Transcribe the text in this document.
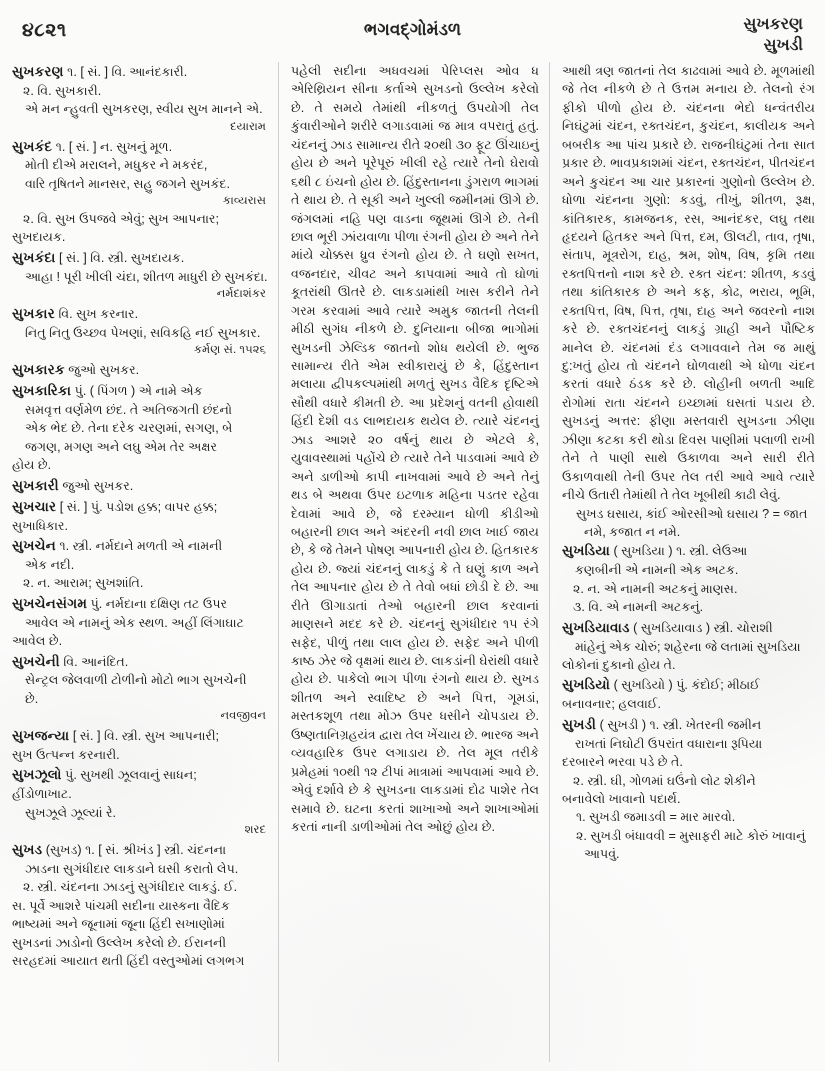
૪૮૨૧	ભગવદ્ગોમંડળ	સુખકરણ
સુખડી
સુખકરણ ૧. [ સં. ] વિ. આનંદકારી.
૨. વિ. સુખકારી.
એ મન ન્હુવતી સુખકરણ, સ્વીય સુખ માનને એ.
દયારામ
સુખકંદ ૧. [ સં. ] ન. સુખનું મૂળ.
મોતી દીએ મરાલને, મધુકર ને મકરંદ,
વારિ તૃષિતને માનસર, સહુ જગને સુખકંદ.
કાવ્યરાસ
૨. વિ. સુખ ઉપજવે એવું; સુખ આપનાર;
સુખદાયક.
સુખકંદા [ સં. ] વિ. સ્ત્રી. સુખદાયક.
આહા ! પૂરી ખીલી ચંદા, શીતળ માધુરી છે સુખકંદા.
નર્મદાશંકર
સુખકાર વિ. સુખ કરનાર.
નિતુ નિતુ ઉચ્છવ પેખણાં, સવિકહિ નઈ સુખકાર.
કર્મણ સં. ૧૫૨૬
સુખકારક જુઓ સુખકર.
સુખકારિકા પું. ( પિંગળ ) એ નામે એક
સમવૃત્ત વર્ણમેળ છંદ. તે અતિજગતી છંદનો
એક ભેદ છે. તેના દરેક ચરણમાં, સગણ, બે
જગણ, મગણ અને લઘુ એમ તેર અક્ષર
હોય છે.
સુખકારી જુઓ સુખકર.
સુખચાર [ સં. ] પું. પડોશ હક્ક; વાપર હક્ક;
સુખાધિકાર.
સુખચેન ૧. સ્ત્રી. નર્મદાને મળતી એ નામની
એક નદી.
૨. ન. આરામ; સુખશાંતિ.
સુખચેનસંગમ પું. નર્મદાના દક્ષિણ તટ ઉપર
આવેલ એ નામનું એક સ્થળ. અહીં લિંગાઘાટ
આવેલ છે.
સુખચેની વિ. આનંદિત.
સેન્ટ્રલ જેલવાળી ટોળીનો મોટો ભાગ સુખચેની
છે.
નવજીવન
સુખજન્યા [ સં. ] વિ. સ્ત્રી. સુખ આપનારી;
સુખ ઉત્પન્ન કરનારી.
સુખઝૂલો પું. સુખથી ઝૂલવાનું સાધન;
હીંડોળાખાટ.
સુખઝૂલે ઝૂલ્યાં રે.
શરદ
સુખડ (સુખડ) ૧. [ સં. શ્રીખંડ ] સ્ત્રી. ચંદનના
ઝાડના સુગંધીદાર લાકડાને ઘસી કરાતો લેપ.
૨. સ્ત્રી. ચંદનના ઝાડનું સુગંધીદાર લાકડું. ઈ.
સ. પૂર્વે આશરે પાંચમી સદીના યાસ્કના વૈદિક
ભાષ્યમાં અને જૂનામાં જૂના હિંદી સખાણોમાં
સુખડનાં ઝાડોનો ઉલ્લેખ કરેલો છે. ઈરાનની
સરહદમાં આયાત થતી હિંદી વસ્તુઓમાં લગભગ
પહેલી સદીના અધવચમાં પેરિપ્લસ ઓવ ધ એરિથ્રિયન સીના કર્તાએ સુખડનો ઉલ્લેખ કરેલો છે. તે સમયે તેમાંથી નીકળતું ઉપયોગી તેલ કુંવારીઓને શરીરે લગાડવામાં જ માત્ર વપરાતું હતું. ચંદનનું ઝાડ સામાન્ય રીતે ૨૦થી ૩૦ ફૂટ ઊંચાઇનું હોય છે અને પૂરેપૂરું ખીલી રહે ત્યારે તેનો ઘેરાવો ૬થી ૮ ઇંચનો હોય છે. હિંદુસ્તાનના ડુંગરાળ ભાગમાં તે થાય છે. તે સૂકી અને ખુલ્લી જમીનમાં ઊગે છે. જંગલમાં નહિ પણ વાડના જૂથમાં ઊગે છે. તેની છાલ ભૂરી ઝાંયવાળા પીળા રંગની હોય છે અને તેને માંયે ચોક્કસ ધ્રુવ રંગનો હોય છે. તે ઘણો સખત, વજનદાર, ચીવટ અને કાપવામાં આવે તો ઘોળાં કૂતરાંથી ઊતરે છે. લાકડામાંથી ખાસ કરીને તેને ગરમ કરવામાં આવે ત્યારે અમુક જાતની તેલની મીઠી સુગંધ નીકળે છે. દુનિયાના બીજા ભાગોમાં સુખડની ઝેલ્ડિક જાતનો શોધ થયેલી છે. ભુજ સામાન્ય રીતે એમ સ્વીકારાયું છે કે, હિંદુસ્તાન મલાયા દ્વીપકલ્પમાંથી મળતું સુખડ વૈદિક દૃષ્ટિએ સૌથી વધારે કીમતી છે. આ પ્રદેશનું વતની હોવાથી હિંદી દેશી વડ લાભદાયક થયેલ છે. ત્યારે ચંદનનું ઝાડ આશરે ૨૦ વર્ષનું થાય છે એટલે કે, યુવાવસ્થામાં પહોંચે છે ત્યારે તેને પાડવામાં આવે છે અને ડાળીઓ કાપી નાખવામાં આવે છે અને તેનું થડ બે અથવા ઉપર ઇટળાક મહિના પડતર રહેવા દેવામાં આવે છે, જે દરમ્યાન ધોળી કીડીઓ બહારની છાલ અને અંદરની નવી છાલ ખાઈ જાય છે, કે જે તેમને પોષણ આપનારી હોય છે. હિતકારક હોય છે. જ્યાં ચંદનનું લાકડું કે તે ઘણું કાળ અને તેલ આપનાર હોય છે તે તેવો બધાં છોડી દે છે. આ રીતે ઊગાડાતાં તેઓ બહારની છાલ કરવાનાં માણસને મદદ કરે છે. ચંદનનું સુગંધીદાર ૧૫ રંગે સફેદ, પીળું તથા લાલ હોય છે. સફેદ અને પીળી કાષ્ઠ ઝેર જે વૃક્ષમાં થાય છે. લાકડાંની ઘેરાંથી વધારે હોય છે. પાકેલો ભાગ પીળા રંગનો થાય છે. સુખડ શીતળ અને સ્વાદિષ્ટ છે અને પિત્ત, ગૂમડાં, મસ્તકશૂળ તથા મોઝ ઉપર ધસીને ચોપડાય છે. ઉષ્ણતાનિગ્રહયંત્ર દ્વારા તેલ ખેંચાય છે. ભારજ અને વ્યવહારિક ઉપર લગાડાય છે. તેલ મૂલ તરીકે પ્રમેહમાં ૧૦થી ૧૨ ટીપાં માત્રામાં આપવામાં આવે છે. એવું દર્શાવે છે કે સુખડના લાકડામાં દોઢ પાશેર તેલ સમાવે છે. ઘટના કરતાં શાખાઓ અને શાખાઓમાં કરતાં નાની ડાળીઓમાં તેલ ઓછું હોય છે.
આથી ત્રણ જાતનાં તેલ કાઢવામાં આવે છે. મૂળમાંથી જે તેલ નીકળે છે તે ઉત્તમ મનાય છે. તેલનો રંગ ફીકો પીળો હોય છે. ચંદનના ભેદો ધન્વંતરીય નિઘંટુમાં ચંદન, રક્તચંદન, કુચંદન, કાલીયક અને બબરીક આ પાંચ પ્રકારે છે. રાજનીઘંટુમાં તેના સાત પ્રકાર છે. ભાવપ્રકાશમાં ચંદન, રક્તચંદન, પીતચંદન અને કુચંદન આ ચાર પ્રકારનાં ગુણોનો ઉલ્લેખ છે. ધોળા ચંદનના ગુણો: કડવું, તીખું, શીતળ, રૂક્ષ, કાંતિકારક, કામજનક, રસ, આનંદકર, લઘુ તથા હૃદયને હિતકર અને પિત્ત, દમ, ઊલટી, તાવ, તૃષા, સંતાપ, મૂત્રરોગ, દાહ, શ્રમ, શોષ, વિષ, કૃમિ તથા રક્તપિત્તનો નાશ કરે છે. રક્ત ચંદન: શીતળ, કડવું તથા કાંતિકારક છે અને કફ, કોઢ, ભરાય, ભૂમિ, રક્તપિત્ત, વિષ, પિત્ત, તૃષા, દાહ અને જવરનો નાશ કરે છે. રક્તચંદનનું લાકડું ગ્રાહી અને પૌષ્ટિક માનેલ છે. ચંદનમાં દંડ લગાવવાને તેમ જ માથું દુ:ખતું હોય તો ચંદનને ઘોળવાથી એ ધોળા ચંદન કરતાં વધારે ઠંડક કરે છે. લોહીની બળતી આદિ રોગોમાં રાતા ચંદનને ઇચ્છામાં ઘસતાં પડાય છે. સુખડનું અત્તર: ફીણા મસ્તવારી સુખડના ઝીણા ઝીણા કટકા કરી થોડા દિવસ પાણીમાં પલાળી રાખી તેને તે પાણી સાથે ઉકાળવા અને સારી રીતે ઉકાળવાથી તેની ઉપર તેલ તરી આવે આવે ત્યારે નીચે ઉતારી તેમાંથી તે તેલ ખૂબીથી કાઢી લેવું.
સુખડ ઘસાય, કાંઈ ઓરસીઓ ઘસાય ? = જાત નમે, કજાત ન નમે.
સુખડિયા ( સુખડિયા ) ૧. સ્ત્રી. લેઉઆ
કણબીની એ નામની એક અટક.
૨. ન. એ નામની અટકનું માણસ.
૩. વિ. એ નામની અટકનું.
સુખડિયાવાડ ( સુખડિયાવાડ ) સ્ત્રી. ચોરાશી
માંહેનું એક ચોરું; શહેરના જે લતામાં સુખડિયા
લોકોનાં દુકાનો હોય તે.
સુખડિયો ( સુખડિયો ) પું. કંદોઈ; મીઠાઈ
બનાવનાર; હલવાઈ.
સુખડી ( સુખડી ) ૧. સ્ત્રી. ખેતરની જમીન
રાખતાં નિઘોટી ઉપરાંત વધારાના રૂપિયા
દરબારને ભરવા પડે છે તે.
૨. સ્ત્રી. ઘી, ગોળમાં ઘઉંનો લોટ શેકીને
બનાવેલો ખાવાનો પદાર્થ.
૧. સુખડી જમાડવી = માર મારવો.
૨. સુખડી બંધાવવી = મુસાફરી માટે કોરું ખાવાનું આપવું.
